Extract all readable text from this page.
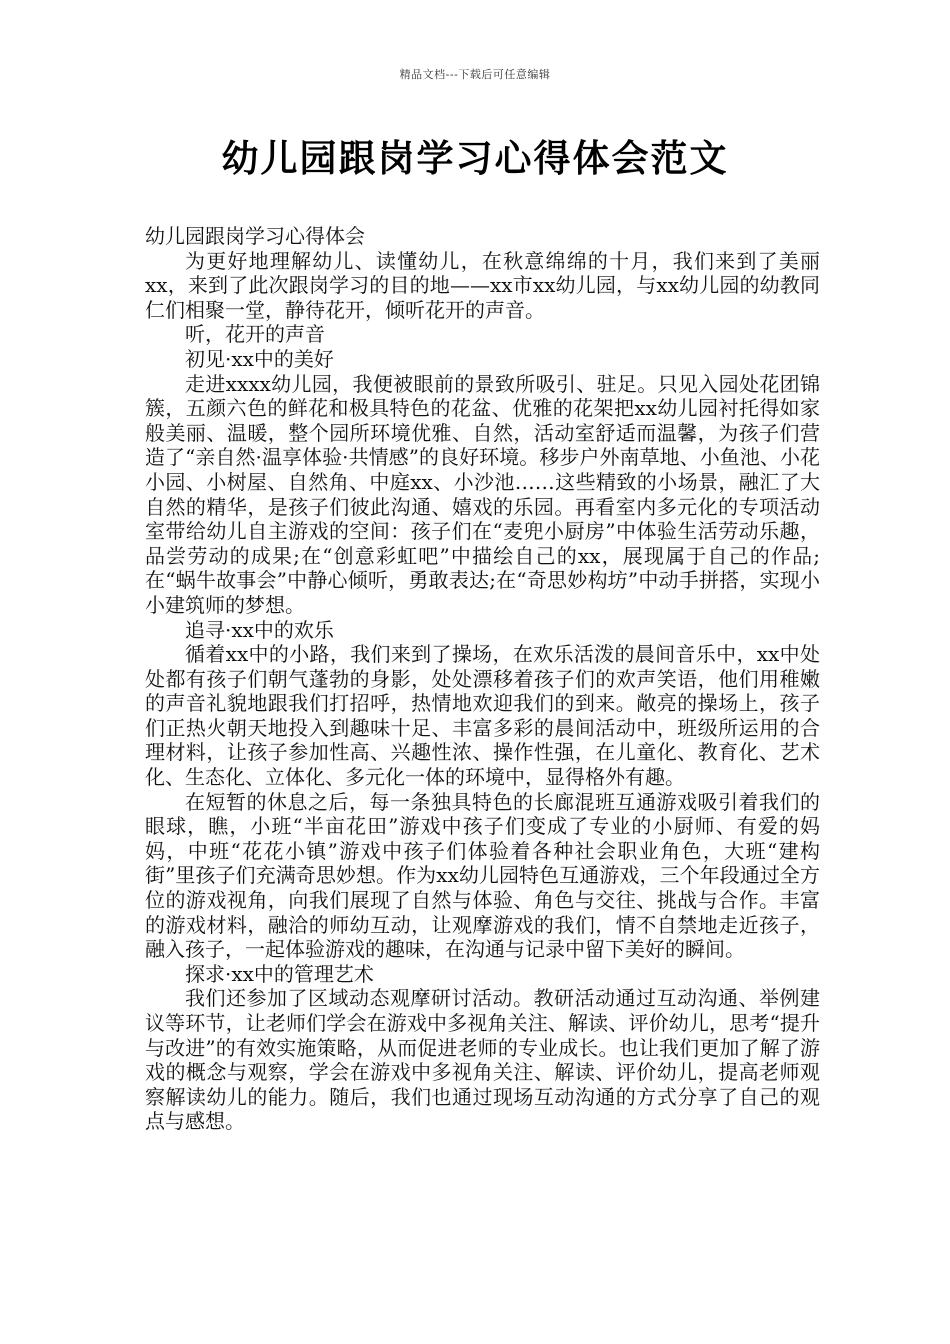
精品文档---下载后可任意编辑
幼儿园跟岗学习心得体会范文

幼儿园跟岗学习心得体会

为更好地理解幼儿、读懂幼儿，在秋意绵绵的十月，我们来到了美丽xx，来到了此次跟岗学习的目的地——xx市xx幼儿园，与xx幼儿园的幼教同仁们相聚一堂，静待花开，倾听花开的声音。

听，花开的声音

初见·xx中的美好

走进xxxx幼儿园，我便被眼前的景致所吸引、驻足。只见入园处花团锦簇，五颜六色的鲜花和极具特色的花盆、优雅的花架把xx幼儿园衬托得如家般美丽、温暖，整个园所环境优雅、自然，活动室舒适而温馨，为孩子们营造了“亲自然·温享体验·共情感”的良好环境。移步户外南草地、小鱼池、小花小园、小树屋、自然角、中庭xx、小沙池……这些精致的小场景，融汇了大自然的精华，是孩子们彼此沟通、嬉戏的乐园。再看室内多元化的专项活动室带给幼儿自主游戏的空间：孩子们在“麦兜小厨房”中体验生活劳动乐趣，品尝劳动的成果;在“创意彩虹吧”中描绘自己的xx，展现属于自己的作品;在“蜗牛故事会”中静心倾听，勇敢表达;在“奇思妙构坊”中动手拼搭，实现小小建筑师的梦想。

追寻·xx中的欢乐

循着xx中的小路，我们来到了操场，在欢乐活泼的晨间音乐中，xx中处处都有孩子们朝气蓬勃的身影，处处漂移着孩子们的欢声笑语，他们用稚嫩的声音礼貌地跟我们打招呼，热情地欢迎我们的到来。敞亮的操场上，孩子们正热火朝天地投入到趣味十足、丰富多彩的晨间活动中，班级所运用的合理材料，让孩子参加性高、兴趣性浓、操作性强，在儿童化、教育化、艺术化、生态化、立体化、多元化一体的环境中，显得格外有趣。

在短暂的休息之后，每一条独具特色的长廊混班互通游戏吸引着我们的眼球，瞧，小班“半亩花田”游戏中孩子们变成了专业的小厨师、有爱的妈妈，中班“花花小镇”游戏中孩子们体验着各种社会职业角色，大班“建构街”里孩子们充满奇思妙想。作为xx幼儿园特色互通游戏，三个年段通过全方位的游戏视角，向我们展现了自然与体验、角色与交往、挑战与合作。丰富的游戏材料，融洽的师幼互动，让观摩游戏的我们，情不自禁地走近孩子，融入孩子，一起体验游戏的趣味，在沟通与记录中留下美好的瞬间。

探求·xx中的管理艺术

我们还参加了区域动态观摩研讨活动。教研活动通过互动沟通、举例建议等环节，让老师们学会在游戏中多视角关注、解读、评价幼儿，思考“提升与改进”的有效实施策略，从而促进老师的专业成长。也让我们更加了解了游戏的概念与观察，学会在游戏中多视角关注、解读、评价幼儿，提高老师观察解读幼儿的能力。随后，我们也通过现场互动沟通的方式分享了自己的观点与感想。
